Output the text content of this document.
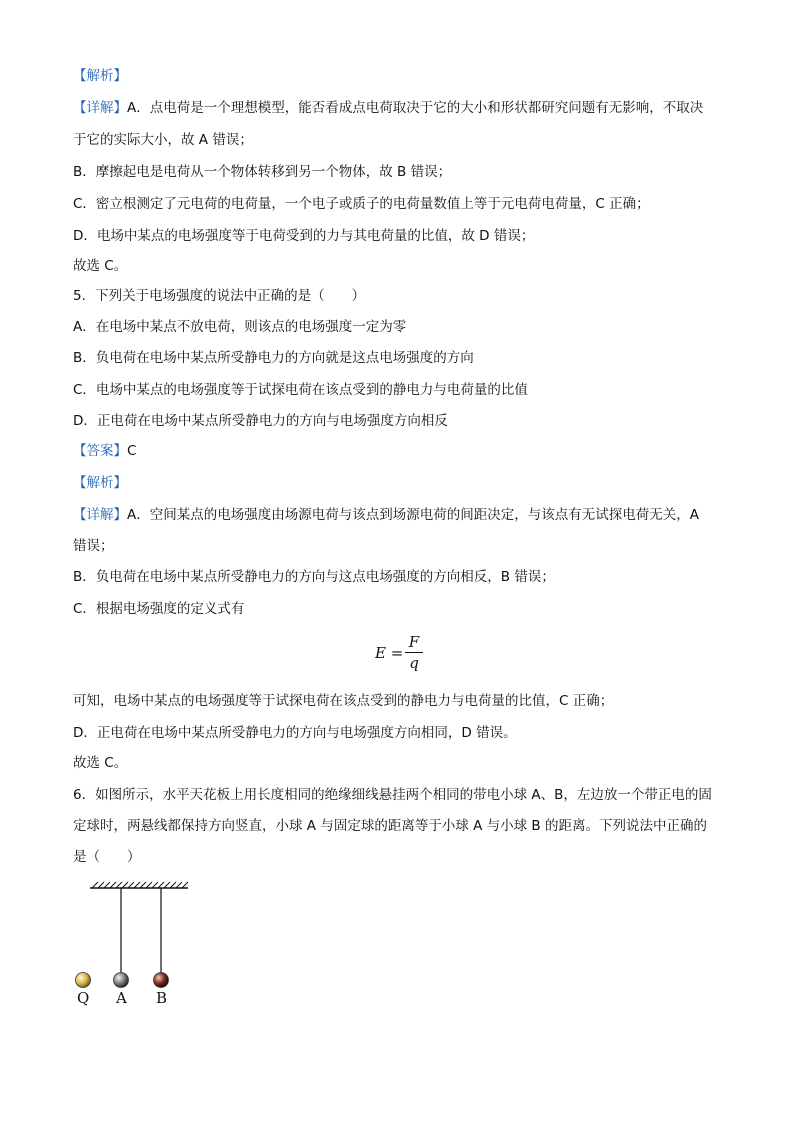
【解析】
【详解】A．点电荷是一个理想模型，能否看成点电荷取决于它的大小和形状都研究问题有无影响，不取决
于它的实际大小，故 A 错误；
B．摩擦起电是电荷从一个物体转移到另一个物体，故 B 错误；
C．密立根测定了元电荷的电荷量，一个电子或质子的电荷量数值上等于元电荷电荷量，C 正确；
D．电场中某点的电场强度等于电荷受到的力与其电荷量的比值，故 D 错误；
故选 C。
5．下列关于电场强度的说法中正确的是（　　）
A．在电场中某点不放电荷，则该点的电场强度一定为零
B．负电荷在电场中某点所受静电力的方向就是这点电场强度的方向
C．电场中某点的电场强度等于试探电荷在该点受到的静电力与电荷量的比值
D．正电荷在电场中某点所受静电力的方向与电场强度方向相反
【答案】C
【解析】
【详解】A．空间某点的电场强度由场源电荷与该点到场源电荷的间距决定，与该点有无试探电荷无关，A
错误；
B．负电荷在电场中某点所受静电力的方向与这点电场强度的方向相反，B 错误；
C．根据电场强度的定义式有
E =
F
q
可知，电场中某点的电场强度等于试探电荷在该点受到的静电力与电荷量的比值，C 正确；
D．正电荷在电场中某点所受静电力的方向与电场强度方向相同，D 错误。
故选 C。
6．如图所示，水平天花板上用长度相同的绝缘细线悬挂两个相同的带电小球 A、B，左边放一个带正电的固
定球时，两悬线都保持方向竖直，小球 A 与固定球的距离等于小球 A 与小球 B 的距离。下列说法中正确的
是（　　）
Q A B
